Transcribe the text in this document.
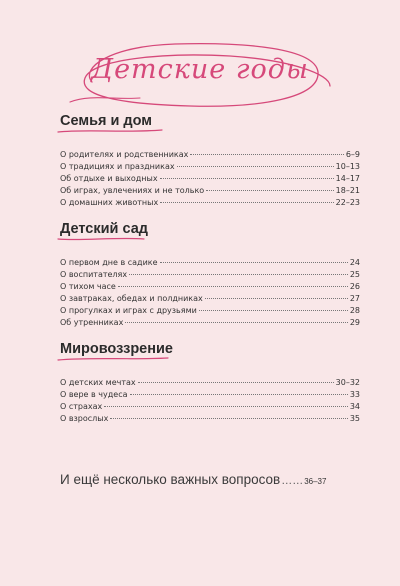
Детские годы
Семья и дом
О родителях и родственниках	6–9
О традициях и праздниках	10–13
Об отдыхе и выходных	14–17
Об играх, увлечениях и не только	18–21
О домашних животных	22–23
Детский сад
О первом дне в садике	24
О воспитателях	25
О тихом часе	26
О завтраках, обедах и полдниках	27
О прогулках и играх с друзьями	28
Об утренниках	29
Мировоззрение
О детских мечтах	30–32
О вере в чудеса	33
О страхах	34
О взрослых	35
И ещё несколько важных вопросов …… 36–37
